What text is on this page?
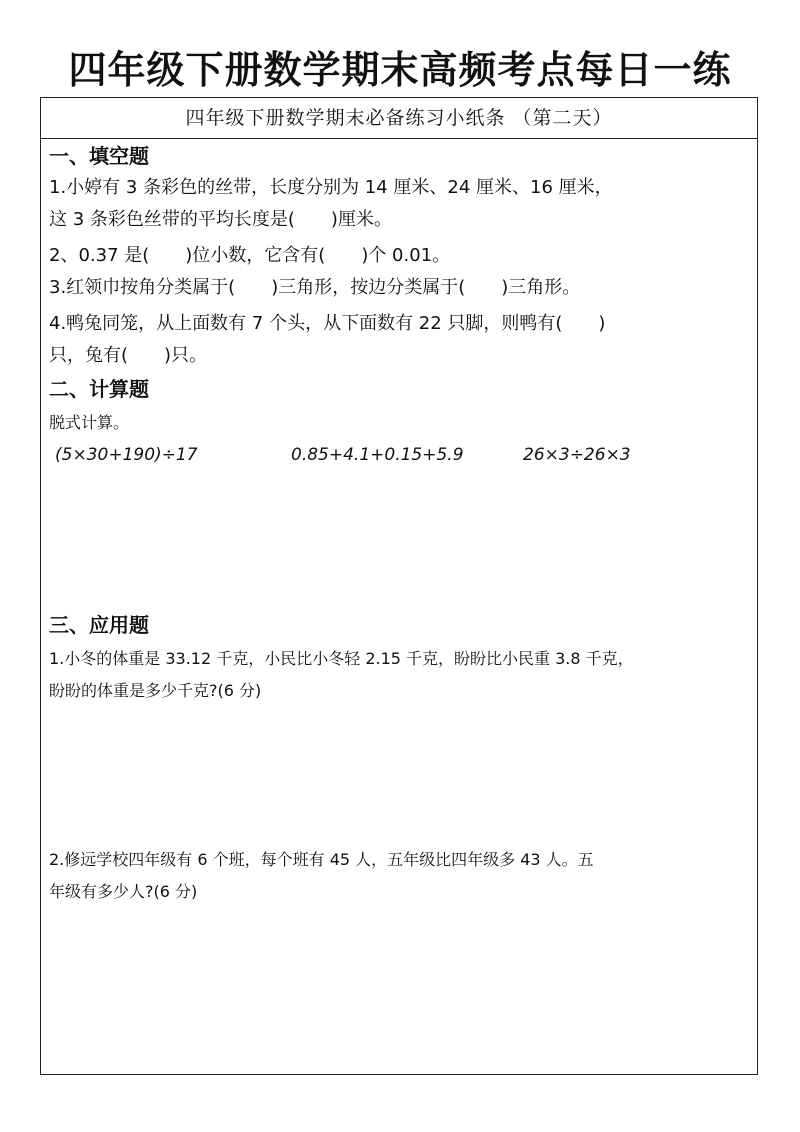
四年级下册数学期末高频考点每日一练
四年级下册数学期末必备练习小纸条 （第二天）
一、填空题
1.小婷有 3 条彩色的丝带，长度分别为 14 厘米、24 厘米、16 厘米，
这 3 条彩色丝带的平均长度是(　　)厘米。
2、0.37 是(　　)位小数，它含有(　　)个 0.01。
3.红领巾按角分类属于(　　)三角形，按边分类属于(　　)三角形。
4.鸭兔同笼，从上面数有 7 个头，从下面数有 22 只脚，则鸭有(　　)
只，兔有(　　)只。
二、计算题
脱式计算。
(5×30+190)÷17	0.85+4.1+0.15+5.9	26×3÷26×3
三、应用题
1.小冬的体重是 33.12 千克，小民比小冬轻 2.15 千克，盼盼比小民重 3.8 千克，
盼盼的体重是多少千克?(6 分)
2.修远学校四年级有 6 个班，每个班有 45 人，五年级比四年级多 43 人。五
年级有多少人?(6 分)
